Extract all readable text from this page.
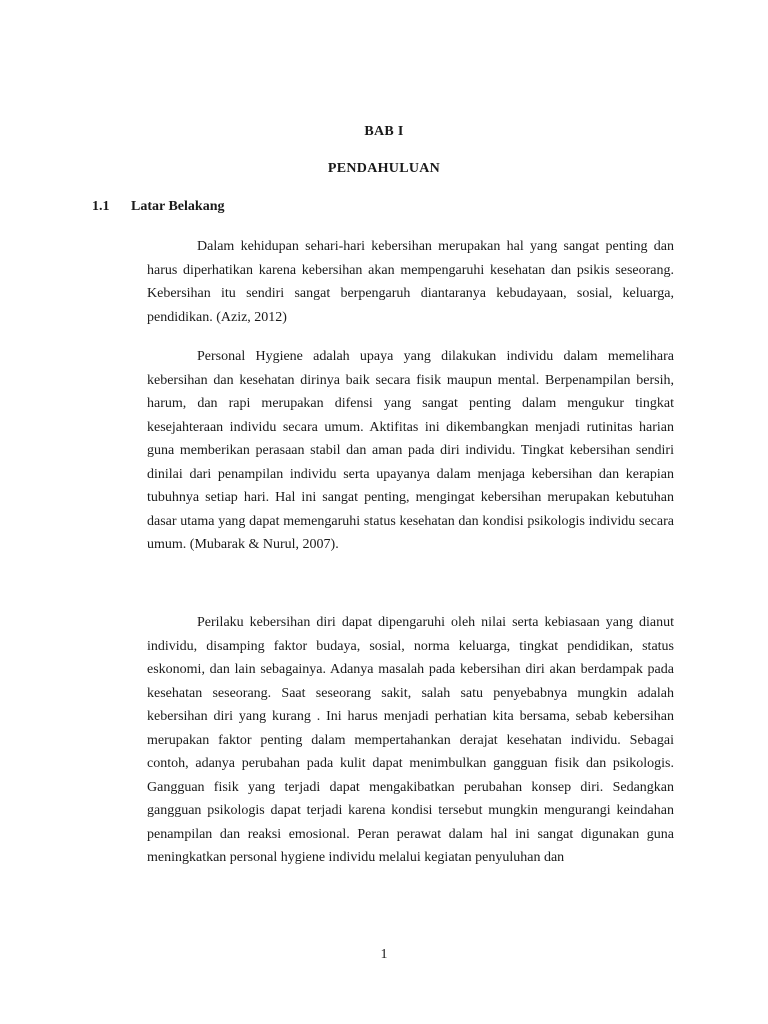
BAB I
PENDAHULUAN
1.1 Latar Belakang

Dalam kehidupan sehari-hari kebersihan merupakan hal yang sangat penting dan harus diperhatikan karena kebersihan akan mempengaruhi kesehatan dan psikis seseorang. Kebersihan itu sendiri sangat berpengaruh diantaranya kebudayaan, sosial, keluarga, pendidikan. (Aziz, 2012)

Personal Hygiene adalah upaya yang dilakukan individu dalam memelihara kebersihan dan kesehatan dirinya baik secara fisik maupun mental. Berpenampilan bersih, harum, dan rapi merupakan difensi yang sangat penting dalam mengukur tingkat kesejahteraan individu secara umum. Aktifitas ini dikembangkan menjadi rutinitas harian guna memberikan perasaan stabil dan aman pada diri individu. Tingkat kebersihan sendiri dinilai dari penampilan individu serta upayanya dalam menjaga kebersihan dan kerapian tubuhnya setiap hari. Hal ini sangat penting, mengingat kebersihan merupakan kebutuhan dasar utama yang dapat memengaruhi status kesehatan dan kondisi psikologis individu secara umum. (Mubarak & Nurul, 2007).

Perilaku kebersihan diri dapat dipengaruhi oleh nilai serta kebiasaan yang dianut individu, disamping faktor budaya, sosial, norma keluarga, tingkat pendidikan, status eskonomi, dan lain sebagainya. Adanya masalah pada kebersihan diri akan berdampak pada kesehatan seseorang. Saat seseorang sakit, salah satu penyebabnya mungkin adalah kebersihan diri yang kurang . Ini harus menjadi perhatian kita bersama, sebab kebersihan merupakan faktor penting dalam mempertahankan derajat kesehatan individu. Sebagai contoh, adanya perubahan pada kulit dapat menimbulkan gangguan fisik dan psikologis. Gangguan fisik yang terjadi dapat mengakibatkan perubahan konsep diri. Sedangkan gangguan psikologis dapat terjadi karena kondisi tersebut mungkin mengurangi keindahan penampilan dan reaksi emosional. Peran perawat dalam hal ini sangat digunakan guna meningkatkan personal hygiene individu melalui kegiatan penyuluhan dan

1
